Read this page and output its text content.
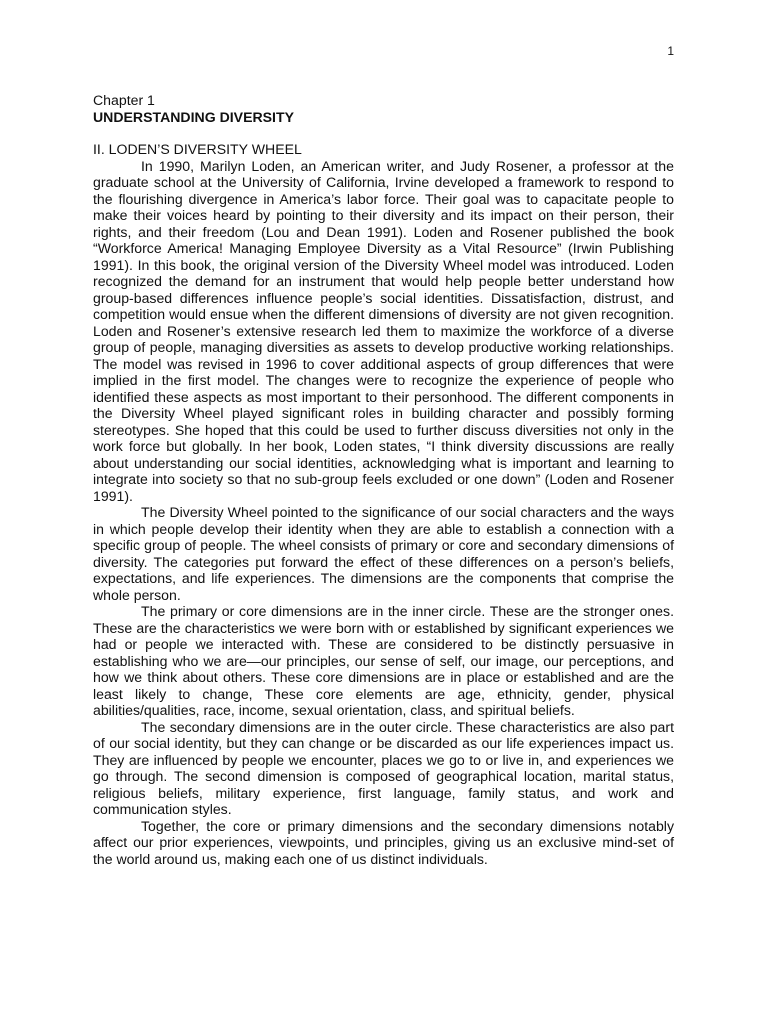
1
Chapter 1
UNDERSTANDING DIVERSITY
II. LODEN’S DIVERSITY WHEEL

In 1990, Marilyn Loden, an American writer, and Judy Rosener, a professor at the graduate school at the University of California, Irvine developed a framework to respond to the flourishing divergence in America’s labor force. Their goal was to capacitate people to make their voices heard by pointing to their diversity and its impact on their person, their rights, and their freedom (Lou and Dean 1991). Loden and Rosener published the book “Workforce America! Managing Employee Diversity as a Vital Resource” (Irwin Publishing 1991). In this book, the original version of the Diversity Wheel model was introduced. Loden recognized the demand for an instrument that would help people better understand how group-based differences influence people’s social identities. Dissatisfaction, distrust, and competition would ensue when the different dimensions of diversity are not given recognition. Loden and Rosener’s extensive research led them to maximize the workforce of a diverse group of people, managing diversities as assets to develop productive working relationships. The model was revised in 1996 to cover additional aspects of group differences that were implied in the first model. The changes were to recognize the experience of people who identified these aspects as most important to their personhood. The different components in the Diversity Wheel played significant roles in building character and possibly forming stereotypes. She hoped that this could be used to further discuss diversities not only in the work force but globally. In her book, Loden states, “I think diversity discussions are really about understanding our social identities, acknowledging what is important and learning to integrate into society so that no sub-group feels excluded or one down” (Loden and Rosener 1991).

The Diversity Wheel pointed to the significance of our social characters and the ways in which people develop their identity when they are able to establish a connection with a specific group of people. The wheel consists of primary or core and secondary dimensions of diversity. The categories put forward the effect of these differences on a person’s beliefs, expectations, and life experiences. The dimensions are the components that comprise the whole person.

The primary or core dimensions are in the inner circle. These are the stronger ones. These are the characteristics we were born with or established by significant experiences we had or people we interacted with. These are considered to be distinctly persuasive in establishing who we are—our principles, our sense of self, our image, our perceptions, and how we think about others. These core dimensions are in place or established and are the least likely to change, These core elements are age, ethnicity, gender, physical abilities/qualities, race, income, sexual orientation, class, and spiritual beliefs.

The secondary dimensions are in the outer circle. These characteristics are also part of our social identity, but they can change or be discarded as our life experiences impact us. They are influenced by people we encounter, places we go to or live in, and experiences we go through. The second dimension is composed of geographical location, marital status, religious beliefs, military experience, first language, family status, and work and communication styles.

Together, the core or primary dimensions and the secondary dimensions notably affect our prior experiences, viewpoints, und principles, giving us an exclusive mind-set of the world around us, making each one of us distinct individuals.
